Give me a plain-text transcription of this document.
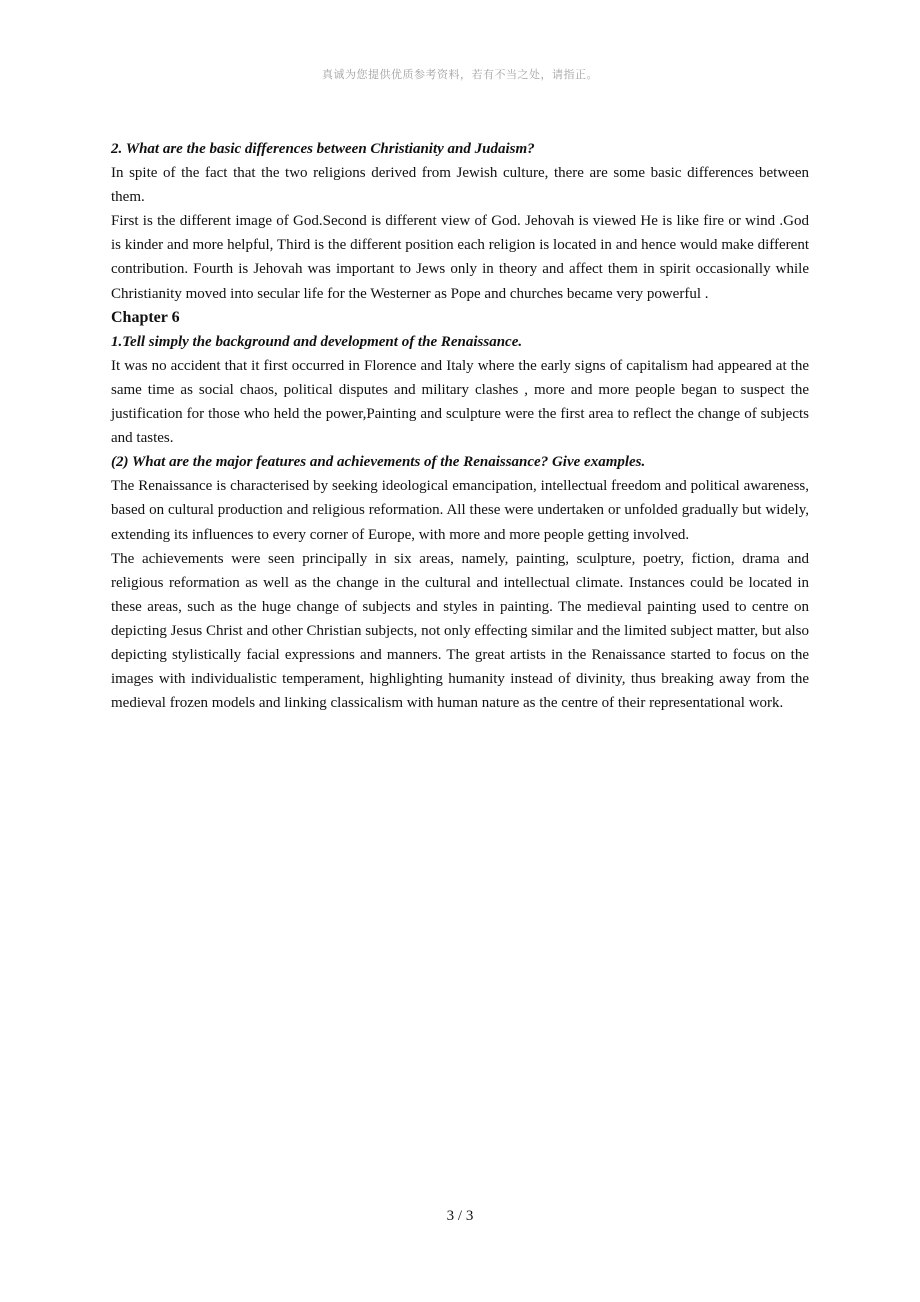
真诚为您提供优质参考资料，若有不当之处，请指正。

2. What are the basic differences between Christianity and Judaism?

In spite of the fact that the two religions derived from Jewish culture, there are some basic differences between them.

First is the different image of God.Second is different view of God. Jehovah is viewed He is like fire or wind .God is kinder and more helpful, Third is the different position each religion is located in and hence would make different contribution. Fourth is Jehovah was important to Jews only in theory and affect them in spirit occasionally while Christianity moved into secular life for the Westerner as Pope and churches became very powerful .

Chapter 6

1.Tell simply the background and development of the Renaissance.

It was no accident that it first occurred in Florence and Italy where the early signs of capitalism had appeared at the same time as social chaos, political disputes and military clashes , more and more people began to suspect the justification for those who held the power,Painting and sculpture were the first area to reflect the change of subjects and tastes.

(2) What are the major features and achievements of the Renaissance? Give examples.

The Renaissance is characterised by seeking ideological emancipation, intellectual freedom and political awareness, based on cultural production and religious reformation. All these were undertaken or unfolded gradually but widely, extending its influences to every corner of Europe, with more and more people getting involved.

The achievements were seen principally in six areas, namely, painting, sculpture, poetry, fiction, drama and religious reformation as well as the change in the cultural and intellectual climate. Instances could be located in these areas, such as the huge change of subjects and styles in painting. The medieval painting used to centre on depicting Jesus Christ and other Christian subjects, not only effecting similar and the limited subject matter, but also depicting stylistically facial expressions and manners. The great artists in the Renaissance started to focus on the images with individualistic temperament, highlighting humanity instead of divinity, thus breaking away from the medieval frozen models and linking classicalism with human nature as the centre of their representational work.

3 / 3
